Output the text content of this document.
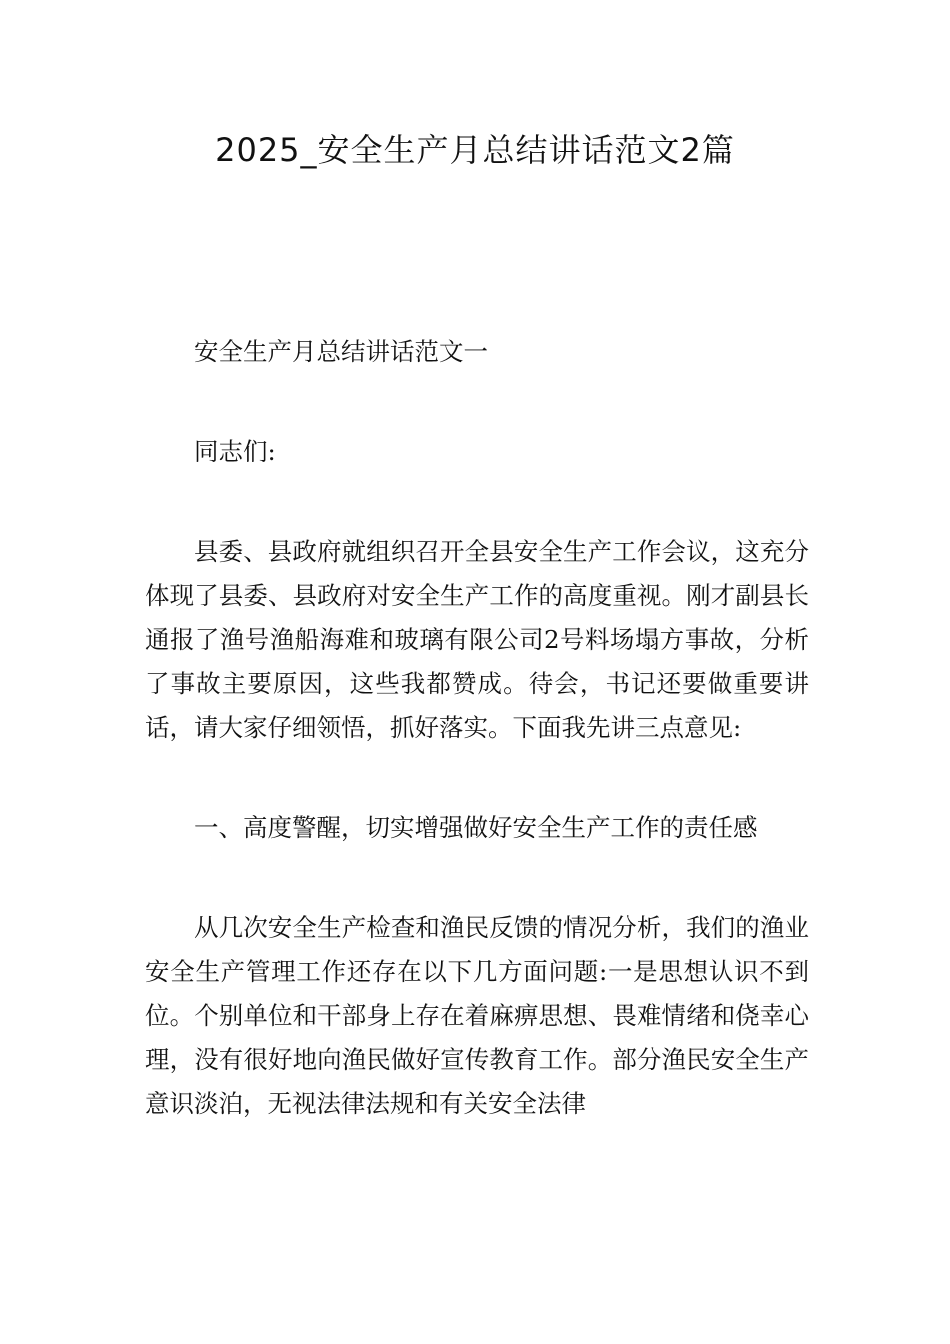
2025_安全生产月总结讲话范文2篇

安全生产月总结讲话范文一

同志们:

县委、县政府就组织召开全县安全生产工作会议，这充分体现了县委、县政府对安全生产工作的高度重视。刚才副县长通报了渔号渔船海难和玻璃有限公司2号料场塌方事故，分析了事故主要原因，这些我都赞成。待会，书记还要做重要讲话，请大家仔细领悟，抓好落实。下面我先讲三点意见:

一、高度警醒，切实增强做好安全生产工作的责任感

从几次安全生产检查和渔民反馈的情况分析，我们的渔业安全生产管理工作还存在以下几方面问题:一是思想认识不到位。个别单位和干部身上存在着麻痹思想、畏难情绪和侥幸心理，没有很好地向渔民做好宣传教育工作。部分渔民安全生产意识淡泊，无视法律法规和有关安全法律
